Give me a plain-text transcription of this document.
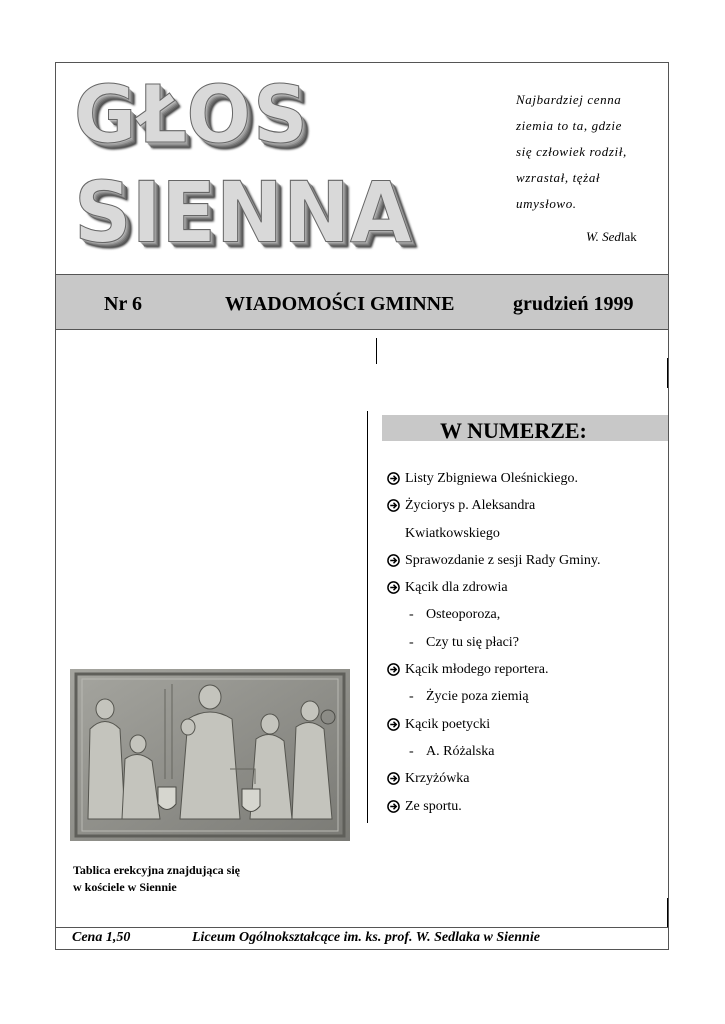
GŁOS
SIENNA
Najbardziej cenna
ziemia to ta, gdzie
się człowiek rodził,
wzrastał, tężał
umysłowo.
W. Sedlak
Nr 6	WIADOMOŚCI GMINNE	grudzień 1999
W NUMERZE:
Listy Zbigniewa Oleśnickiego.
Życiorys p. Aleksandra
Kwiatkowskiego
Sprawozdanie z sesji Rady Gminy.
Kącik dla zdrowia
- Osteoporoza,
- Czy tu się płaci?
Kącik młodego reportera.
- Życie poza ziemią
Kącik poetycki
- A. Różalska
Krzyżówka
Ze sportu.
Tablica erekcyjna znajdująca się
w kościele w Siennie
Cena 1,50	Liceum Ogólnokształcące im. ks. prof. W. Sedlaka w Siennie
